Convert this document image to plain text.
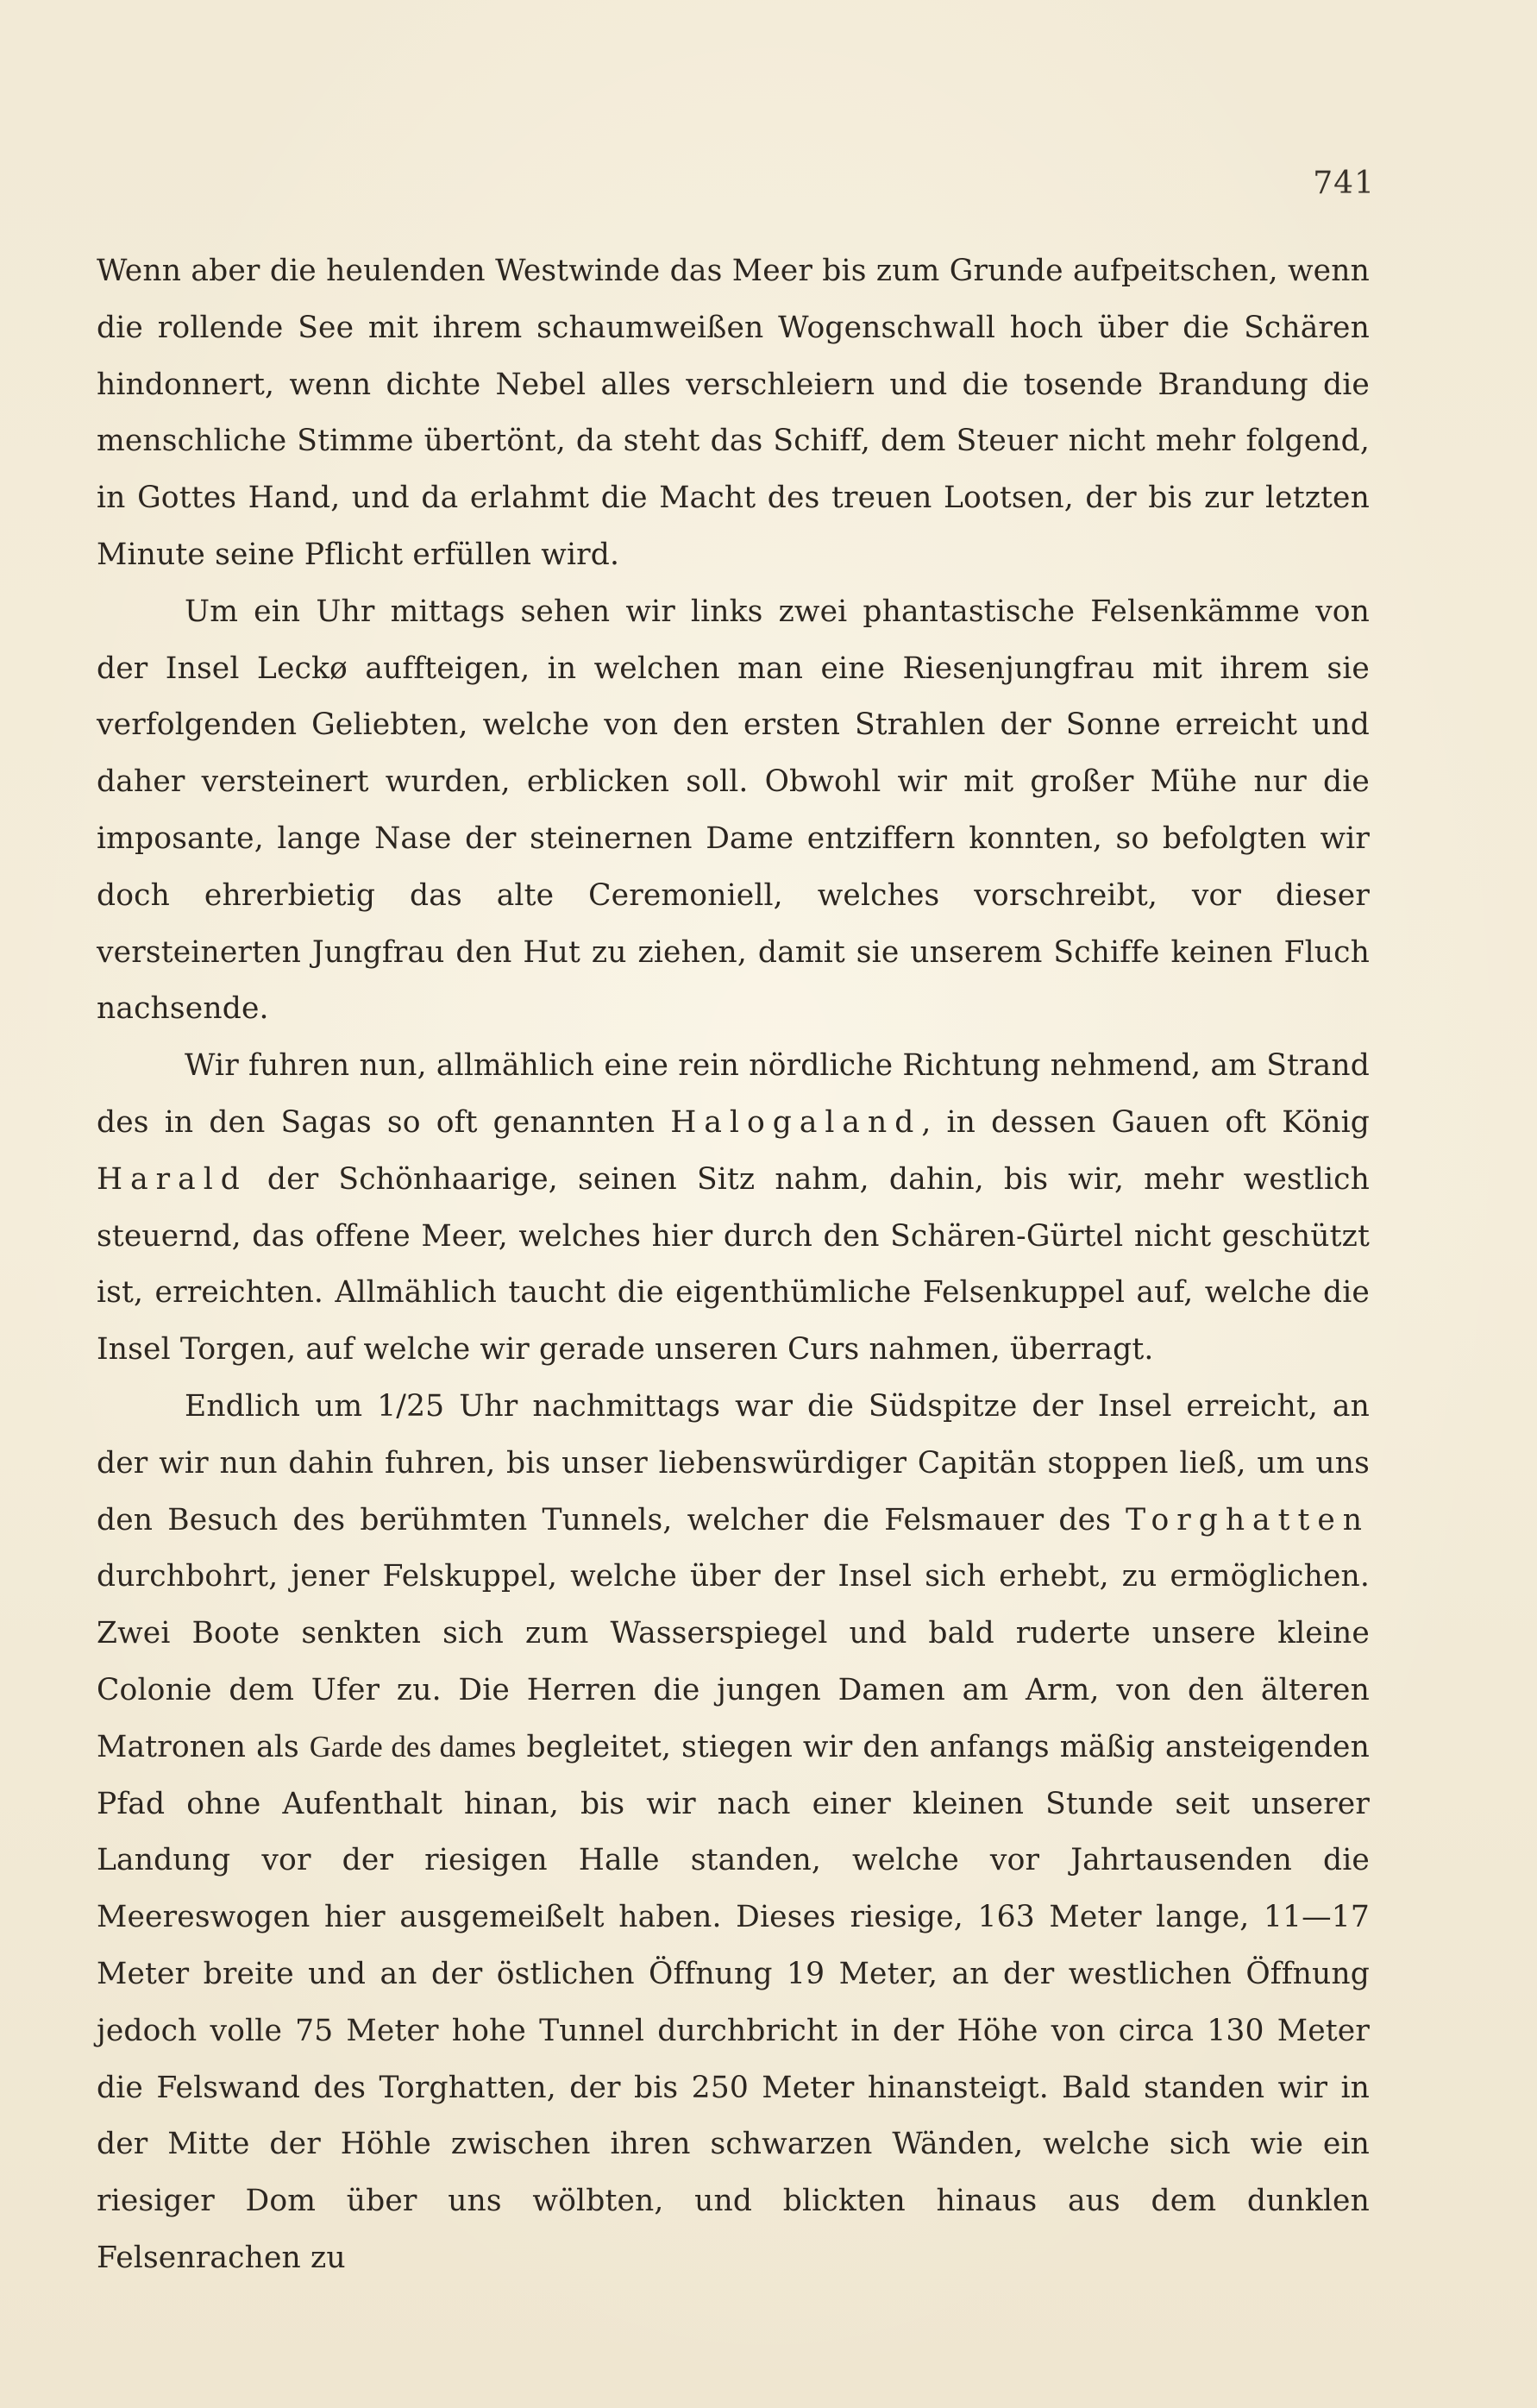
741

Wenn aber die heulenden Westwinde das Meer bis zum Grunde aufpeitschen, wenn die rollende See mit ihrem schaumweißen Wogenschwall hoch über die Schären hindonnert, wenn dichte Nebel alles verschleiern und die tosende Brandung die menschliche Stimme übertönt, da steht das Schiff, dem Steuer nicht mehr folgend, in Gottes Hand, und da erlahmt die Macht des treuen Lootsen, der bis zur letzten Minute seine Pflicht erfüllen wird.

Um ein Uhr mittags sehen wir links zwei phantastische Felsenkämme von der Insel Leckø auffteigen, in welchen man eine Riesenjungfrau mit ihrem sie verfolgenden Geliebten, welche von den ersten Strahlen der Sonne erreicht und daher versteinert wurden, erblicken soll. Obwohl wir mit großer Mühe nur die imposante, lange Nase der steinernen Dame entziffern konnten, so befolgten wir doch ehrerbietig das alte Ceremoniell, welches vorschreibt, vor dieser versteinerten Jungfrau den Hut zu ziehen, damit sie unserem Schiffe keinen Fluch nachsende.

Wir fuhren nun, allmählich eine rein nördliche Richtung nehmend, am Strand des in den Sagas so oft genannten Halogaland, in dessen Gauen oft König Harald der Schönhaarige, seinen Sitz nahm, dahin, bis wir, mehr westlich steuernd, das offene Meer, welches hier durch den Schären-Gürtel nicht geschützt ist, erreichten. Allmählich taucht die eigenthümliche Felsenkuppel auf, welche die Insel Torgen, auf welche wir gerade unseren Curs nahmen, überragt.

Endlich um 1/25 Uhr nachmittags war die Südspitze der Insel erreicht, an der wir nun dahin fuhren, bis unser liebenswürdiger Capitän stoppen ließ, um uns den Besuch des berühmten Tunnels, welcher die Felsmauer des Torghatten durchbohrt, jener Felskuppel, welche über der Insel sich erhebt, zu ermöglichen. Zwei Boote senkten sich zum Wasserspiegel und bald ruderte unsere kleine Colonie dem Ufer zu. Die Herren die jungen Damen am Arm, von den älteren Matronen als Garde des dames begleitet, stiegen wir den anfangs mäßig ansteigenden Pfad ohne Aufenthalt hinan, bis wir nach einer kleinen Stunde seit unserer Landung vor der riesigen Halle standen, welche vor Jahrtausenden die Meereswogen hier ausgemeißelt haben. Dieses riesige, 163 Meter lange, 11—17 Meter breite und an der östlichen Öffnung 19 Meter, an der westlichen Öffnung jedoch volle 75 Meter hohe Tunnel durchbricht in der Höhe von circa 130 Meter die Felswand des Torghatten, der bis 250 Meter hinansteigt. Bald standen wir in der Mitte der Höhle zwischen ihren schwarzen Wänden, welche sich wie ein riesiger Dom über uns wölbten, und blickten hinaus aus dem dunklen Felsenrachen zu
